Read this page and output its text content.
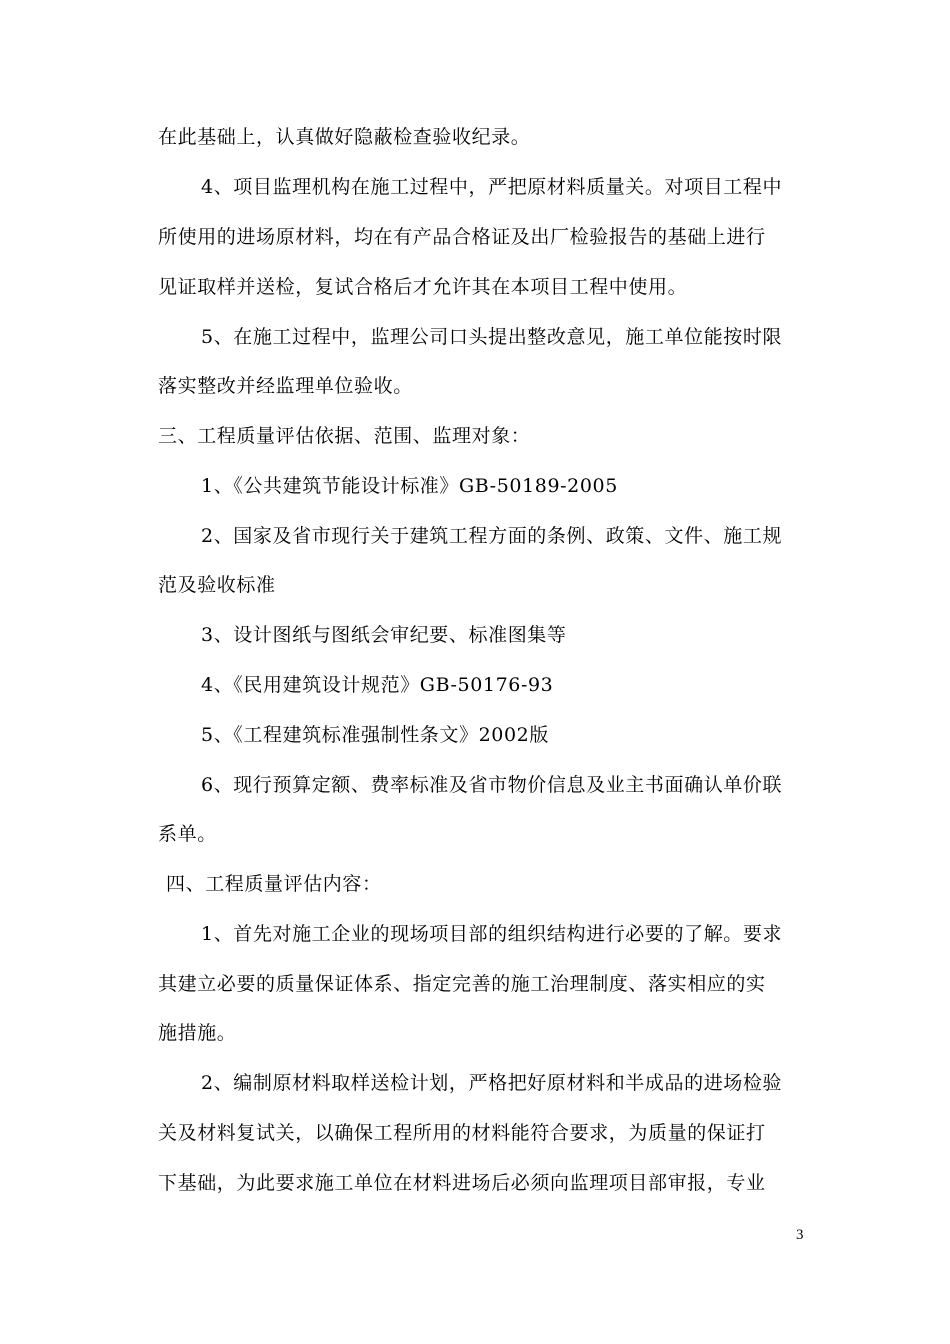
在此基础上，认真做好隐蔽检查验收纪录。
4、项目监理机构在施工过程中，严把原材料质量关。对项目工程中
所使用的进场原材料，均在有产品合格证及出厂检验报告的基础上进行
见证取样并送检，复试合格后才允许其在本项目工程中使用。
5、在施工过程中，监理公司口头提出整改意见，施工单位能按时限
落实整改并经监理单位验收。
三、工程质量评估依据、范围、监理对象：
1、《公共建筑节能设计标准》GB-50189-2005
2、国家及省市现行关于建筑工程方面的条例、政策、文件、施工规
范及验收标准
3、设计图纸与图纸会审纪要、标准图集等
4、《民用建筑设计规范》GB-50176-93
5、《工程建筑标准强制性条文》2002版
6、现行预算定额、费率标准及省市物价信息及业主书面确认单价联
系单。
四、工程质量评估内容：
1、首先对施工企业的现场项目部的组织结构进行必要的了解。要求
其建立必要的质量保证体系、指定完善的施工治理制度、落实相应的实
施措施。
2、编制原材料取样送检计划，严格把好原材料和半成品的进场检验
关及材料复试关，以确保工程所用的材料能符合要求，为质量的保证打
下基础，为此要求施工单位在材料进场后必须向监理项目部审报，专业
3
